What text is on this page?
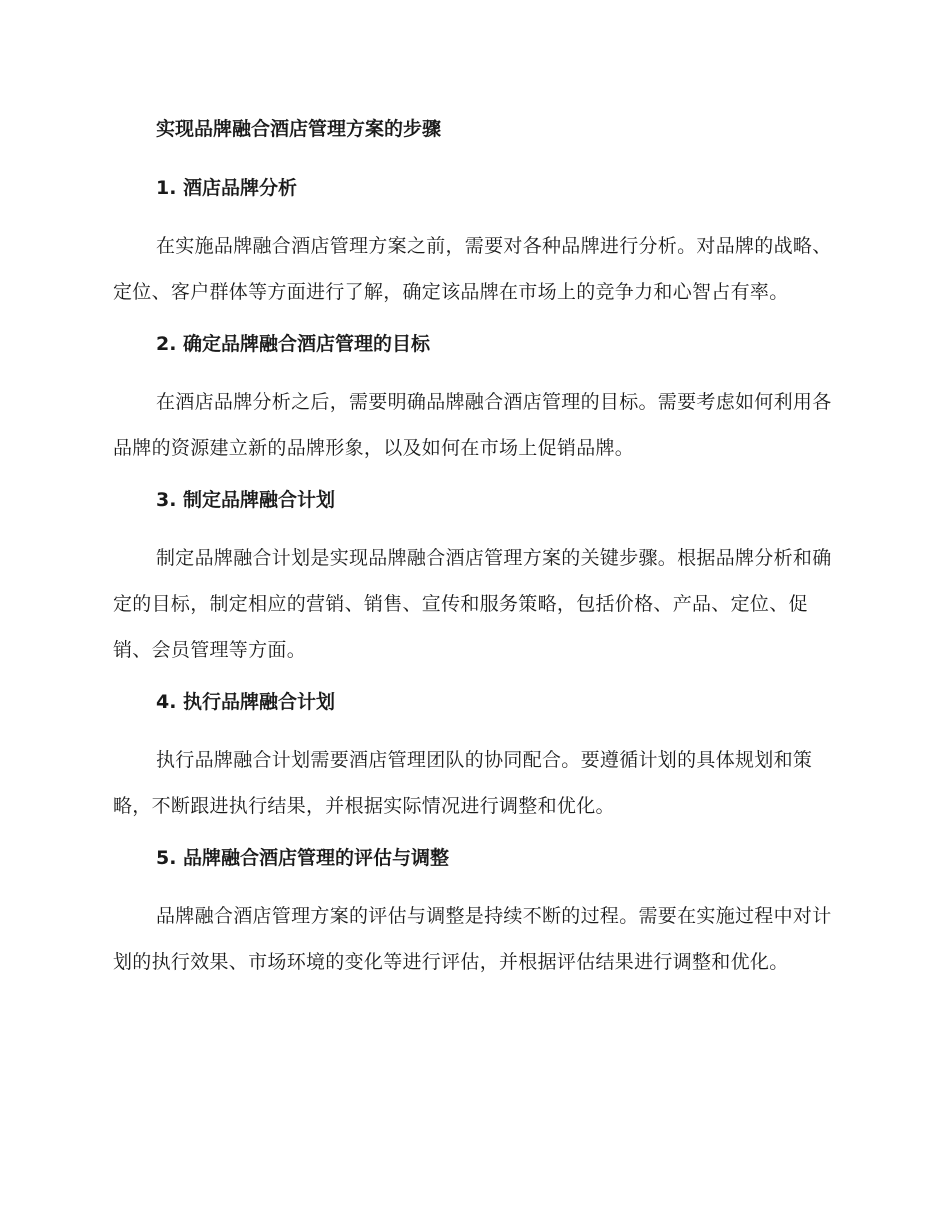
实现品牌融合酒店管理方案的步骤
1. 酒店品牌分析
在实施品牌融合酒店管理方案之前，需要对各种品牌进行分析。对品牌的战略、定位、客户群体等方面进行了解，确定该品牌在市场上的竞争力和心智占有率。
2. 确定品牌融合酒店管理的目标
在酒店品牌分析之后，需要明确品牌融合酒店管理的目标。需要考虑如何利用各品牌的资源建立新的品牌形象，以及如何在市场上促销品牌。
3. 制定品牌融合计划
制定品牌融合计划是实现品牌融合酒店管理方案的关键步骤。根据品牌分析和确定的目标，制定相应的营销、销售、宣传和服务策略，包括价格、产品、定位、促销、会员管理等方面。
4. 执行品牌融合计划
执行品牌融合计划需要酒店管理团队的协同配合。要遵循计划的具体规划和策略，不断跟进执行结果，并根据实际情况进行调整和优化。
5. 品牌融合酒店管理的评估与调整
品牌融合酒店管理方案的评估与调整是持续不断的过程。需要在实施过程中对计划的执行效果、市场环境的变化等进行评估，并根据评估结果进行调整和优化。
